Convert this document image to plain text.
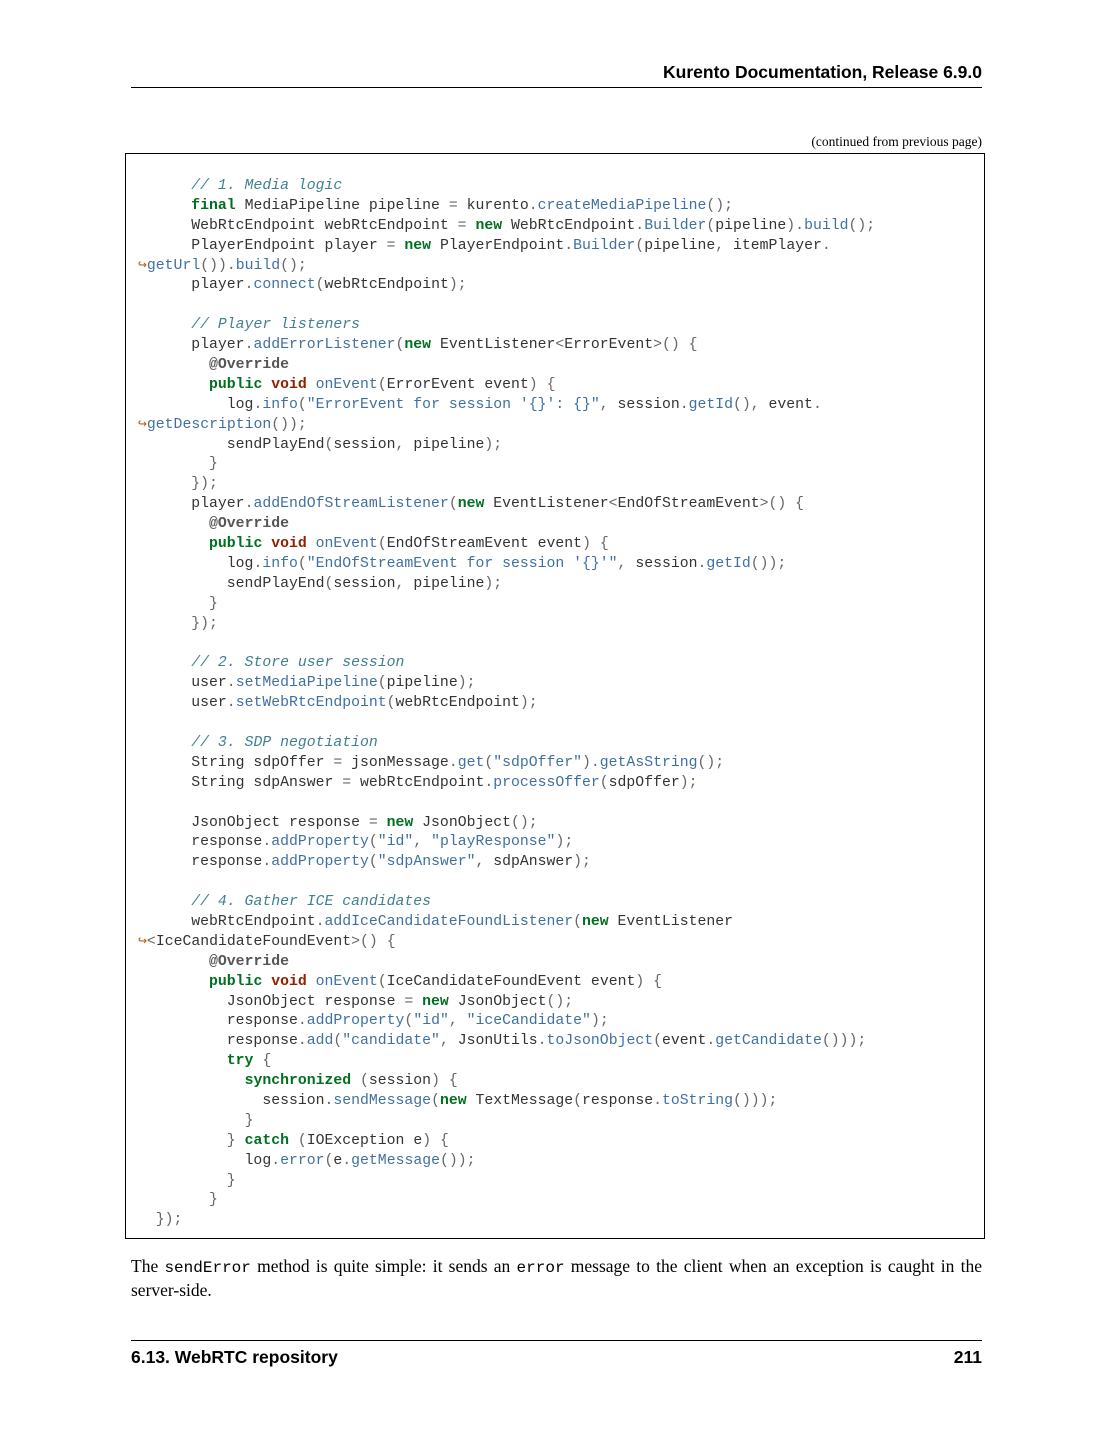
Kurento Documentation, Release 6.9.0
(continued from previous page)
// 1. Media logic
final MediaPipeline pipeline = kurento.createMediaPipeline();
WebRtcEndpoint webRtcEndpoint = new WebRtcEndpoint.Builder(pipeline).build();
PlayerEndpoint player = new PlayerEndpoint.Builder(pipeline, itemPlayer.
↪getUrl()).build();
player.connect(webRtcEndpoint);

// Player listeners
player.addErrorListener(new EventListener<ErrorEvent>() {
@Override
public void onEvent(ErrorEvent event) {
log.info("ErrorEvent for session '{}': {}", session.getId(), event.
↪getDescription());
sendPlayEnd(session, pipeline);
}
});
player.addEndOfStreamListener(new EventListener<EndOfStreamEvent>() {
@Override
public void onEvent(EndOfStreamEvent event) {
log.info("EndOfStreamEvent for session '{}'", session.getId());
sendPlayEnd(session, pipeline);
}
});

// 2. Store user session
user.setMediaPipeline(pipeline);
user.setWebRtcEndpoint(webRtcEndpoint);

// 3. SDP negotiation
String sdpOffer = jsonMessage.get("sdpOffer").getAsString();
String sdpAnswer = webRtcEndpoint.processOffer(sdpOffer);

JsonObject response = new JsonObject();
response.addProperty("id", "playResponse");
response.addProperty("sdpAnswer", sdpAnswer);

// 4. Gather ICE candidates
webRtcEndpoint.addIceCandidateFoundListener(new EventListener
↪<IceCandidateFoundEvent>() {
@Override
public void onEvent(IceCandidateFoundEvent event) {
JsonObject response = new JsonObject();
response.addProperty("id", "iceCandidate");
response.add("candidate", JsonUtils.toJsonObject(event.getCandidate()));
try {
synchronized (session) {
session.sendMessage(new TextMessage(response.toString()));
}
} catch (IOException e) {
log.error(e.getMessage());
}
}
});
The sendError method is quite simple: it sends an error message to the client when an exception is caught in the server-side.
6.13. WebRTC repository	211
